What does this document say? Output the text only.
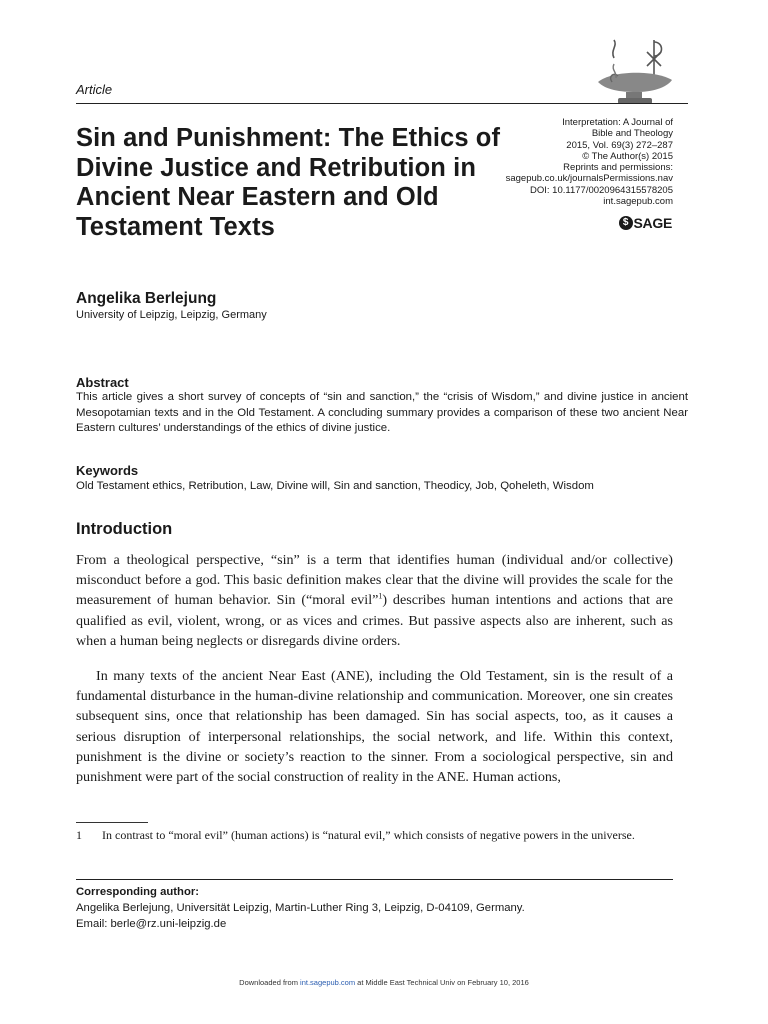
Article
Sin and Punishment: The Ethics of Divine Justice and Retribution in Ancient Near Eastern and Old Testament Texts
Interpretation: A Journal of
Bible and Theology
2015, Vol. 69(3) 272–287
© The Author(s) 2015
Reprints and permissions:
sagepub.co.uk/journalsPermissions.nav
DOI: 10.1177/0020964315578205
int.sagepub.com
$ SAGE
Angelika Berlejung
University of Leipzig, Leipzig, Germany
Abstract
This article gives a short survey of concepts of “sin and sanction,” the “crisis of Wisdom,” and divine justice in ancient Mesopotamian texts and in the Old Testament. A concluding summary provides a comparison of these two ancient Near Eastern cultures’ understandings of the ethics of divine justice.
Keywords
Old Testament ethics, Retribution, Law, Divine will, Sin and sanction, Theodicy, Job, Qoheleth, Wisdom
Introduction
From a theological perspective, “sin” is a term that identifies human (individual and/or collective) misconduct before a god. This basic definition makes clear that the divine will provides the scale for the measurement of human behavior. Sin (“moral evil”$^1$) describes human intentions and actions that are qualified as evil, violent, wrong, or as vices and crimes. But passive aspects also are inherent, such as when a human being neglects or disregards divine orders.
In many texts of the ancient Near East (ANE), including the Old Testament, sin is the result of a fundamental disturbance in the human-divine relationship and communication. Moreover, one sin creates subsequent sins, once that relationship has been damaged. Sin has social aspects, too, as it causes a serious disruption of interpersonal relationships, the social network, and life. Within this context, punishment is the divine or society’s reaction to the sinner. From a sociological perspective, sin and punishment were part of the social construction of reality in the ANE. Human actions,
1 In contrast to “moral evil” (human actions) is “natural evil,” which consists of negative powers in the universe.
Corresponding author:
Angelika Berlejung, Universität Leipzig, Martin-Luther Ring 3, Leipzig, D-04109, Germany.
Email: berle@rz.uni-leipzig.de
Downloaded from int.sagepub.com at Middle East Technical Univ on February 10, 2016
